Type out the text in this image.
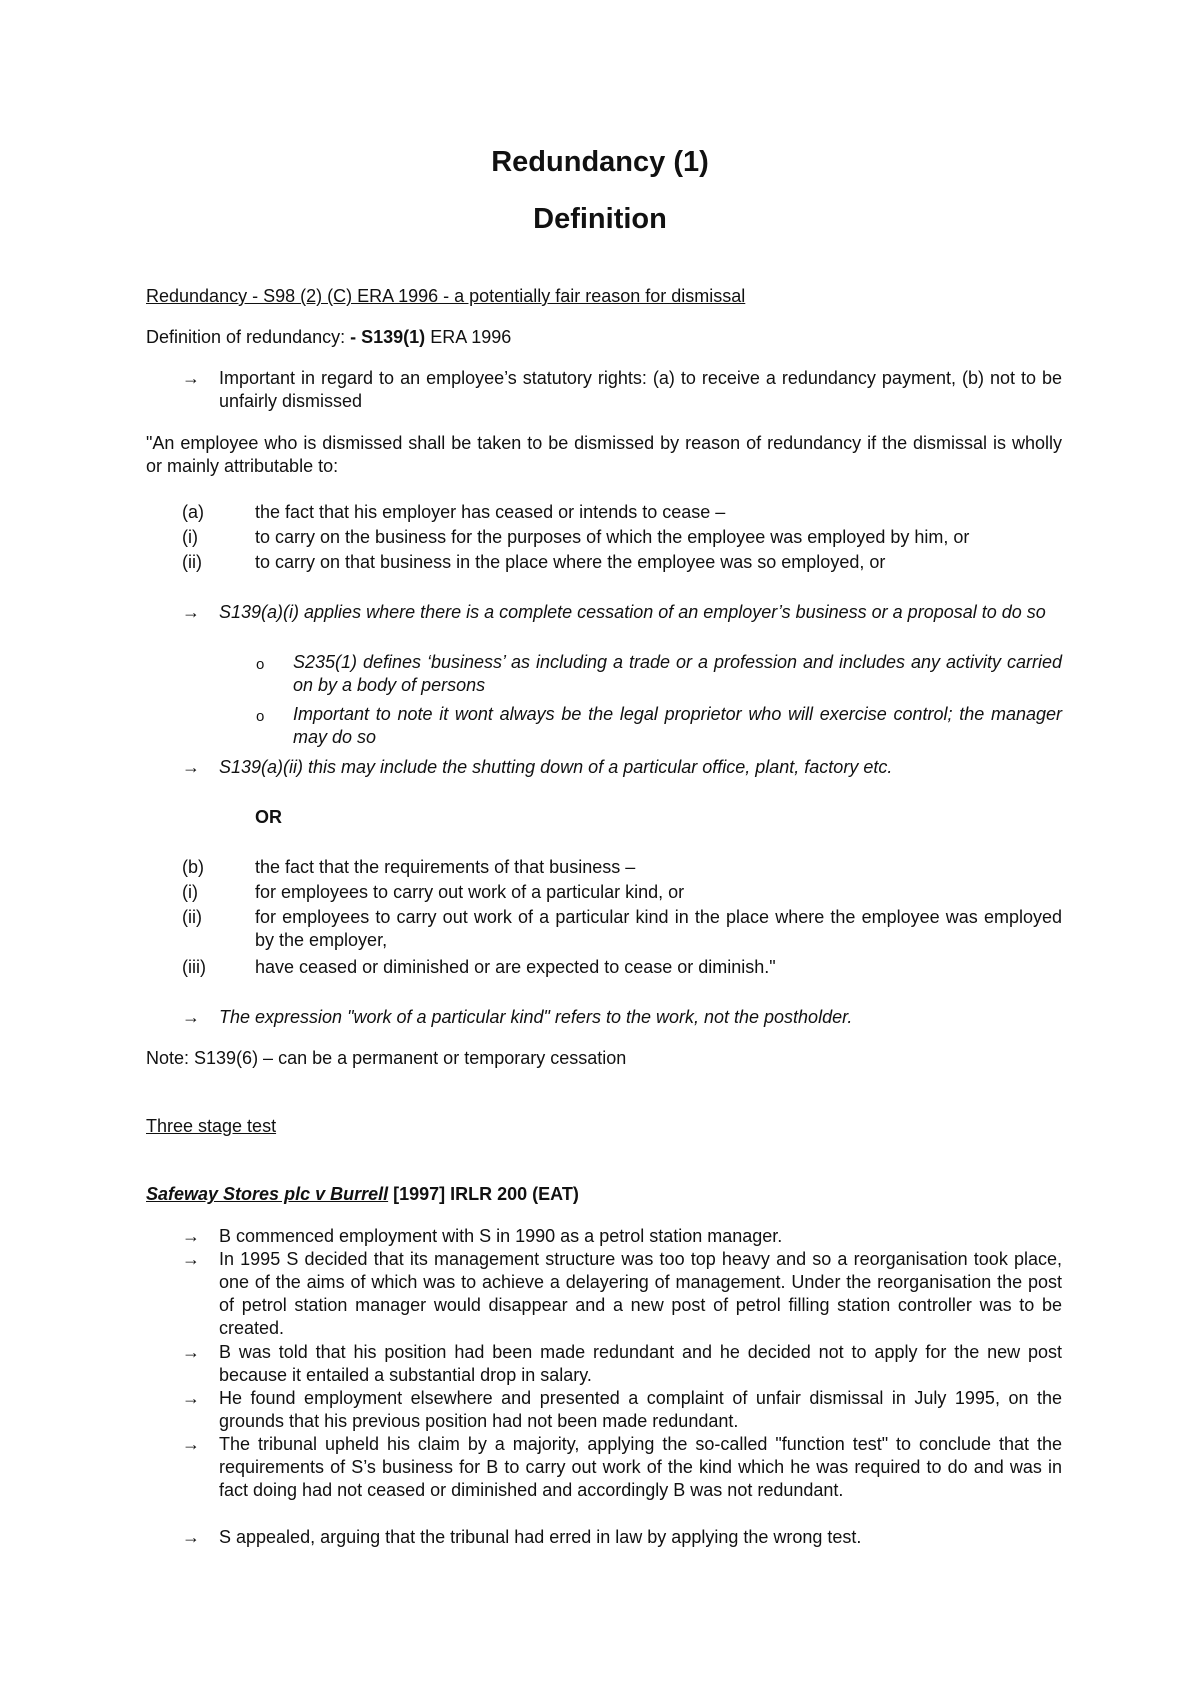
Redundancy (1)
Definition
Redundancy - S98 (2) (C) ERA 1996 - a potentially fair reason for dismissal
Definition of redundancy: - S139(1) ERA 1996
→ Important in regard to an employee’s statutory rights: (a) to receive a redundancy payment, (b) not to be unfairly dismissed
"An employee who is dismissed shall be taken to be dismissed by reason of redundancy if the dismissal is wholly or mainly attributable to:
(a)	the fact that his employer has ceased or intends to cease –
(i)	to carry on the business for the purposes of which the employee was employed by him, or
(ii)	to carry on that business in the place where the employee was so employed, or
→ S139(a)(i) applies where there is a complete cessation of an employer’s business or a proposal to do so
o S235(1) defines ‘business’ as including a trade or a profession and includes any activity carried on by a body of persons
o Important to note it wont always be the legal proprietor who will exercise control; the manager may do so
→ S139(a)(ii) this may include the shutting down of a particular office, plant, factory etc.
OR
(b)	the fact that the requirements of that business –
(i)	for employees to carry out work of a particular kind, or
(ii)	for employees to carry out work of a particular kind in the place where the employee was employed by the employer,
(iii)	have ceased or diminished or are expected to cease or diminish."
→ The expression "work of a particular kind" refers to the work, not the postholder.
Note: S139(6) – can be a permanent or temporary cessation
Three stage test
Safeway Stores plc v Burrell [1997] IRLR 200 (EAT)
→ B commenced employment with S in 1990 as a petrol station manager.
→ In 1995 S decided that its management structure was too top heavy and so a reorganisation took place, one of the aims of which was to achieve a delayering of management. Under the reorganisation the post of petrol station manager would disappear and a new post of petrol filling station controller was to be created.
→ B was told that his position had been made redundant and he decided not to apply for the new post because it entailed a substantial drop in salary.
→ He found employment elsewhere and presented a complaint of unfair dismissal in July 1995, on the grounds that his previous position had not been made redundant.
→ The tribunal upheld his claim by a majority, applying the so-called "function test" to conclude that the requirements of S’s business for B to carry out work of the kind which he was required to do and was in fact doing had not ceased or diminished and accordingly B was not redundant.
→ S appealed, arguing that the tribunal had erred in law by applying the wrong test.
